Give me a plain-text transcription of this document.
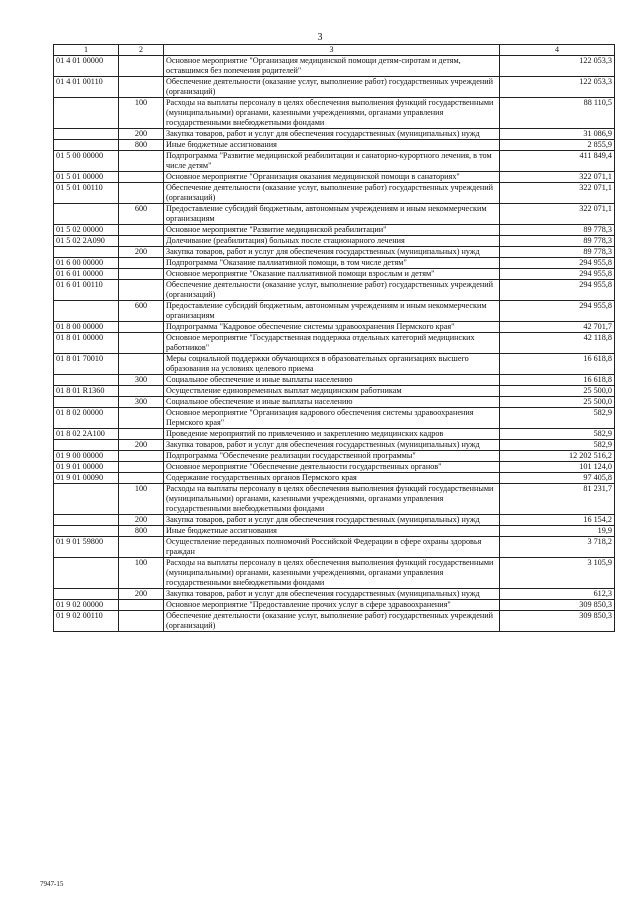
3
1	2	3	4
01 4 01 00000		Основное мероприятие "Организация медицинской помощи детям-сиротам и детям, оставшимся без попечения родителей"	122 053,3
01 4 01 00110		Обеспечение деятельности (оказание услуг, выполнение работ) государственных учреждений (организаций)	122 053,3
	100	Расходы на выплаты персоналу в целях обеспечения выполнения функций государственными (муниципальными) органами, казенными учреждениями, органами управления государственными внебюджетными фондами	88 110,5
	200	Закупка товаров, работ и услуг для обеспечения государственных (муниципальных) нужд	31 086,9
	800	Иные бюджетные ассигнования	2 855,9
01 5 00 00000		Подпрограмма "Развитие медицинской реабилитации и санаторно-курортного лечения, в том числе детям"	411 849,4
01 5 01 00000		Основное мероприятие "Организация оказания медицинской помощи в санаториях"	322 071,1
01 5 01 00110		Обеспечение деятельности (оказание услуг, выполнение работ) государственных учреждений (организаций)	322 071,1
	600	Предоставление субсидий бюджетным, автономным учреждениям и иным некоммерческим организациям	322 071,1
01 5 02 00000		Основное мероприятие "Развитие медицинской реабилитации"	89 778,3
01 5 02 2А090		Долечивание (реабилитация) больных после стационарного лечения	89 778,3
	200	Закупка товаров, работ и услуг для обеспечения государственных (муниципальных) нужд	89 778,3
01 6 00 00000		Подпрограмма "Оказание паллиативной помощи, в том числе детям"	294 955,8
01 6 01 00000		Основное мероприятие "Оказание паллиативной помощи взрослым и детям"	294 955,8
01 6 01 00110		Обеспечение деятельности (оказание услуг, выполнение работ) государственных учреждений (организаций)	294 955,8
	600	Предоставление субсидий бюджетным, автономным учреждениям и иным некоммерческим организациям	294 955,8
01 8 00 00000		Подпрограмма "Кадровое обеспечение системы здравоохранения Пермского края"	42 701,7
01 8 01 00000		Основное мероприятие "Государственная поддержка отдельных категорий медицинских работников"	42 118,8
01 8 01 70010		Меры социальной поддержки обучающихся в образовательных организациях высшего образования на условиях целевого приема	16 618,8
	300	Социальное обеспечение и иные выплаты населению	16 618,8
01 8 01 R1360		Осуществление единовременных выплат медицинским работникам	25 500,0
	300	Социальное обеспечение и иные выплаты населению	25 500,0
01 8 02 00000		Основное мероприятие "Организация кадрового обеспечения системы здравоохранения Пермского края"	582,9
01 8 02 2А100		Проведение мероприятий по привлечению и закреплению медицинских кадров	582,9
	200	Закупка товаров, работ и услуг для обеспечения государственных (муниципальных) нужд	582,9
01 9 00 00000		Подпрограмма "Обеспечение реализации государственной программы"	12 202 516,2
01 9 01 00000		Основное мероприятие "Обеспечение деятельности государственных органов"	101 124,0
01 9 01 00090		Содержание государственных органов Пермского края	97 405,8
	100	Расходы на выплаты персоналу в целях обеспечения выполнения функций государственными (муниципальными) органами, казенными учреждениями, органами управления государственными внебюджетными фондами	81 231,7
	200	Закупка товаров, работ и услуг для обеспечения государственных (муниципальных) нужд	16 154,2
	800	Иные бюджетные ассигнования	19,9
01 9 01 59800		Осуществление переданных полномочий Российской Федерации в сфере охраны здоровья граждан	3 718,2
	100	Расходы на выплаты персоналу в целях обеспечения выполнения функций государственными (муниципальными) органами, казенными учреждениями, органами управления государственными внебюджетными фондами	3 105,9
	200	Закупка товаров, работ и услуг для обеспечения государственных (муниципальных) нужд	612,3
01 9 02 00000		Основное мероприятие "Предоставление прочих услуг в сфере здравоохранения"	309 850,3
01 9 02 00110		Обеспечение деятельности (оказание услуг, выполнение работ) государственных учреждений (организаций)	309 850,3
7947-15
